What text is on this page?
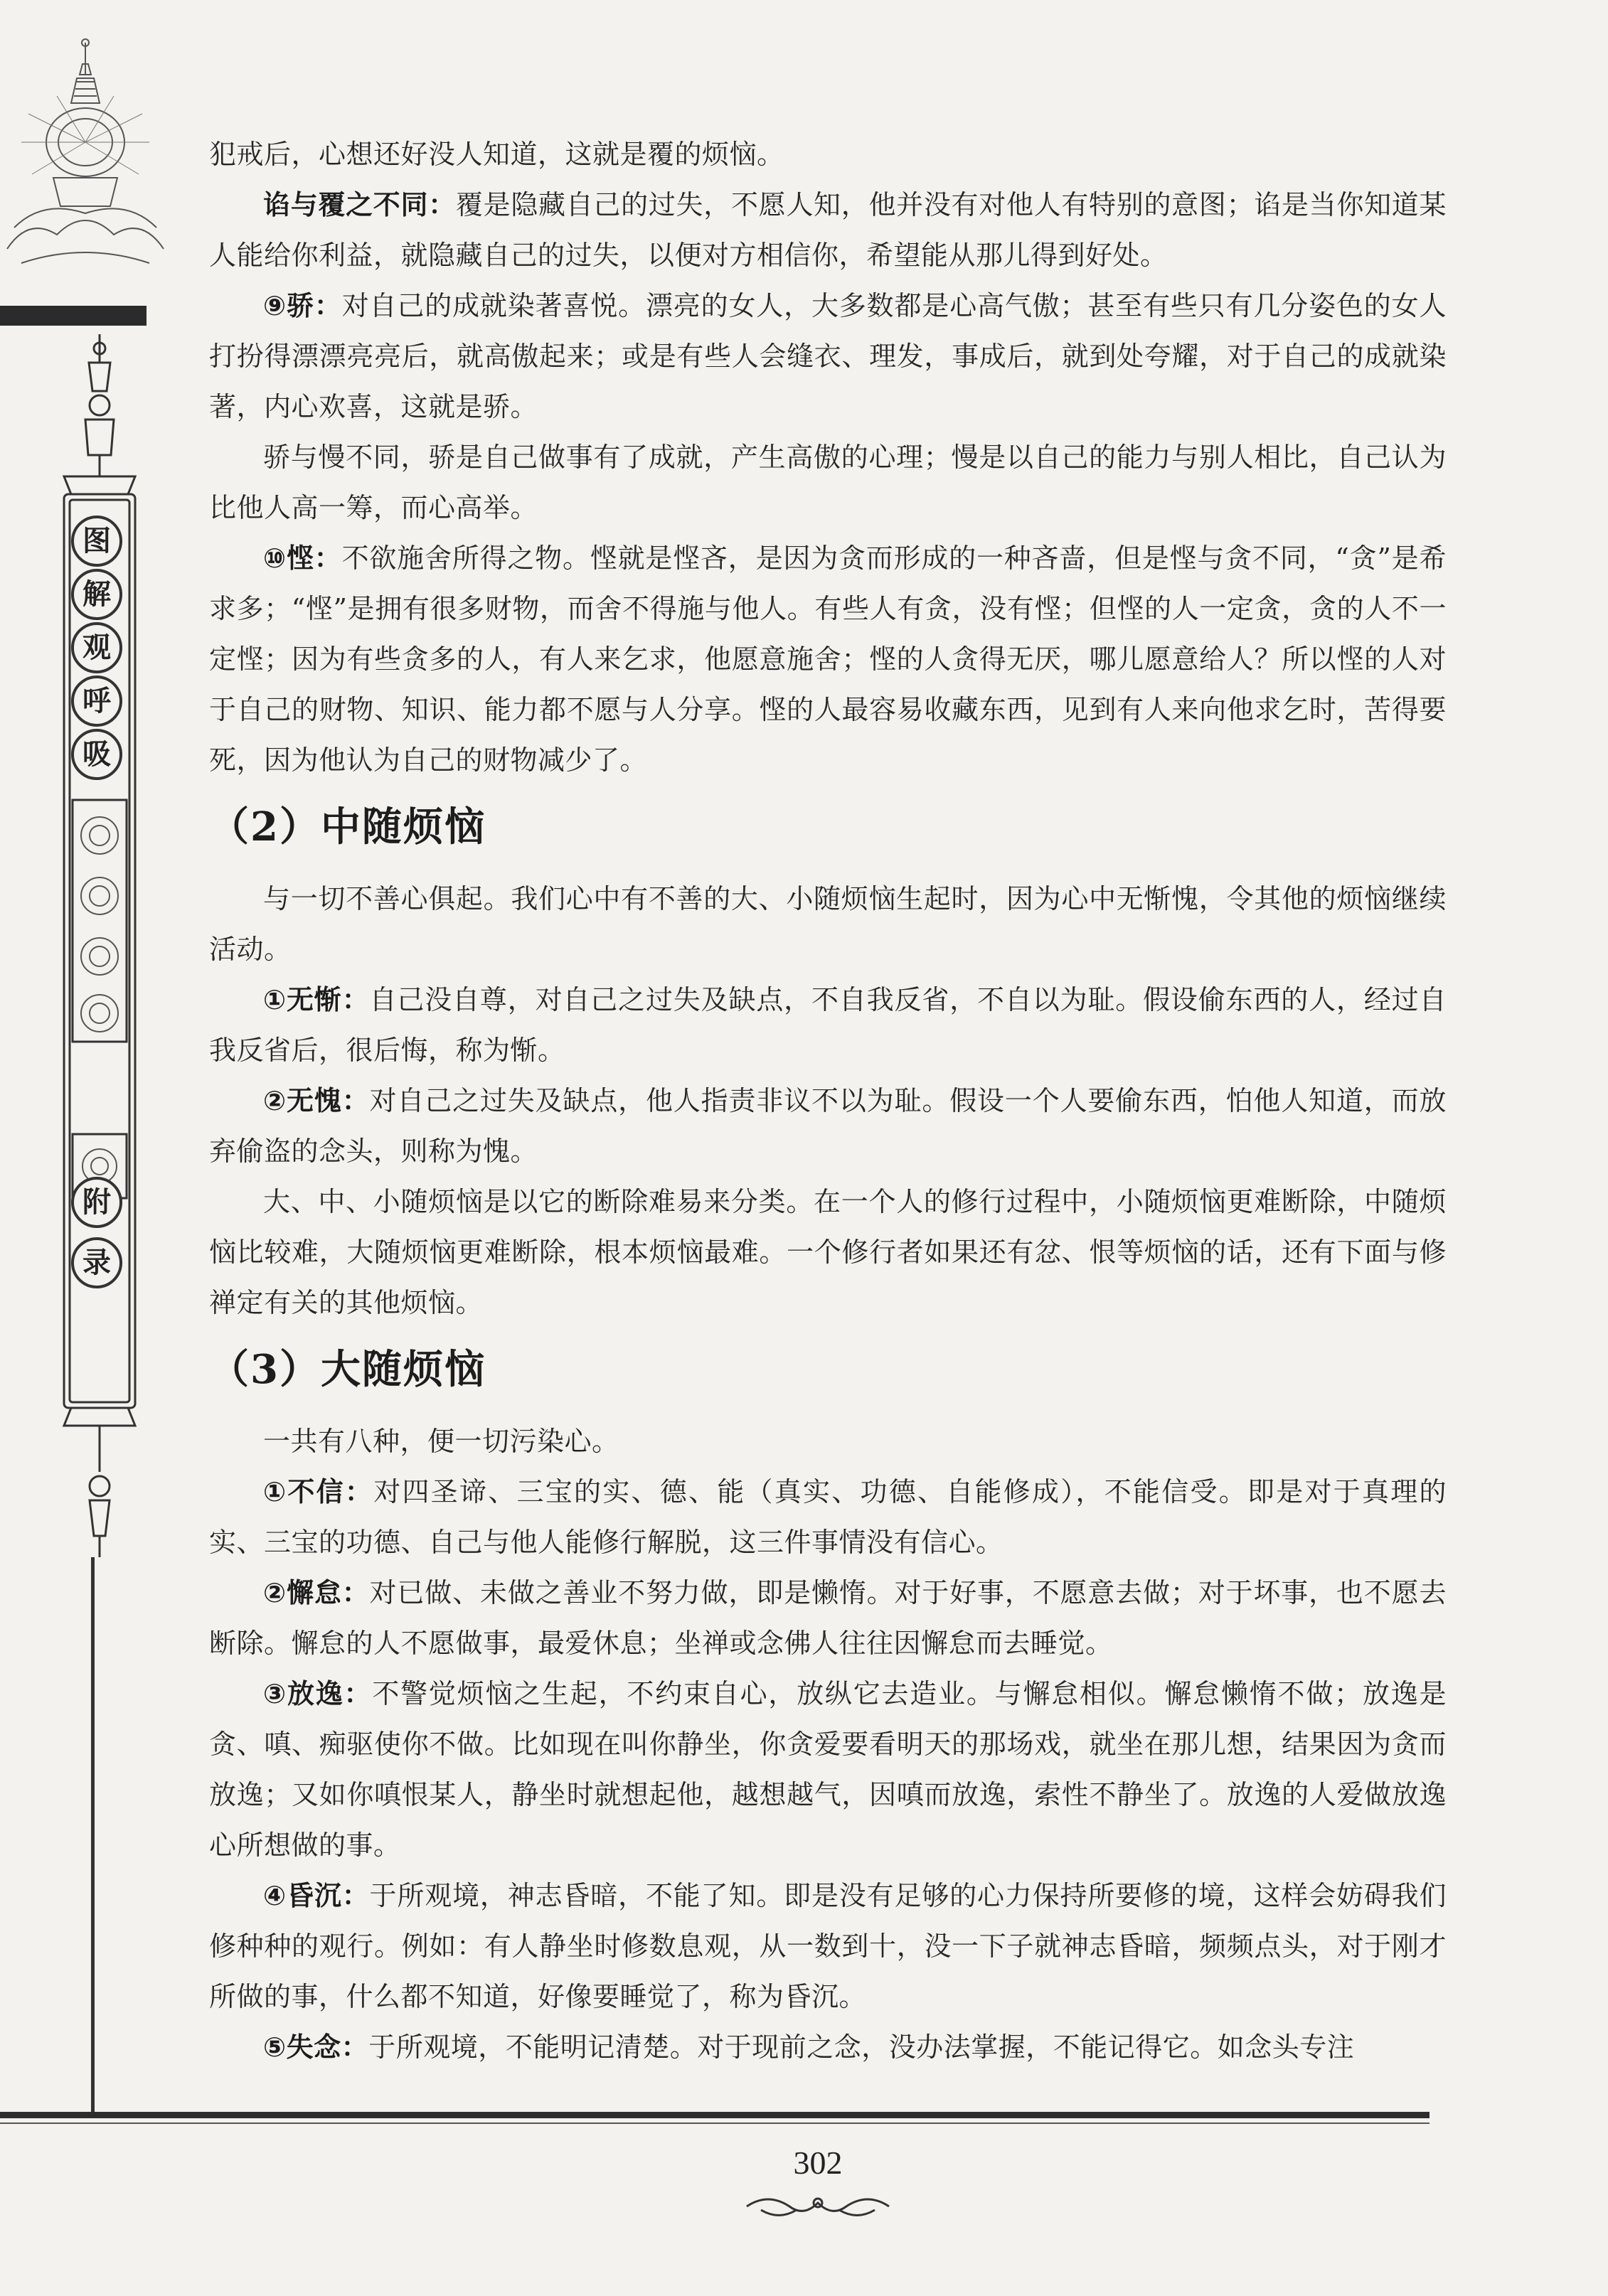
图
解
观
呼
吸
附
录

犯戒后，心想还好没人知道，这就是覆的烦恼。

谄与覆之不同：覆是隐藏自己的过失，不愿人知，他并没有对他人有特别的意图；谄是当你知道某人能给你利益，就隐藏自己的过失，以便对方相信你，希望能从那儿得到好处。

⑨骄：对自己的成就染著喜悦。漂亮的女人，大多数都是心高气傲；甚至有些只有几分姿色的女人打扮得漂漂亮亮后，就高傲起来；或是有些人会缝衣、理发，事成后，就到处夸耀，对于自己的成就染著，内心欢喜，这就是骄。

骄与慢不同，骄是自己做事有了成就，产生高傲的心理；慢是以自己的能力与别人相比，自己认为比他人高一筹，而心高举。

⑩悭：不欲施舍所得之物。悭就是悭吝，是因为贪而形成的一种吝啬，但是悭与贪不同，“贪”是希求多；“悭”是拥有很多财物，而舍不得施与他人。有些人有贪，没有悭；但悭的人一定贪，贪的人不一定悭；因为有些贪多的人，有人来乞求，他愿意施舍；悭的人贪得无厌，哪儿愿意给人？所以悭的人对于自己的财物、知识、能力都不愿与人分享。悭的人最容易收藏东西，见到有人来向他求乞时，苦得要死，因为他认为自己的财物减少了。

（2）中随烦恼

与一切不善心俱起。我们心中有不善的大、小随烦恼生起时，因为心中无惭愧，令其他的烦恼继续活动。

①无惭：自己没自尊，对自己之过失及缺点，不自我反省，不自以为耻。假设偷东西的人，经过自我反省后，很后悔，称为惭。

②无愧：对自己之过失及缺点，他人指责非议不以为耻。假设一个人要偷东西，怕他人知道，而放弃偷盗的念头，则称为愧。

大、中、小随烦恼是以它的断除难易来分类。在一个人的修行过程中，小随烦恼更难断除，中随烦恼比较难，大随烦恼更难断除，根本烦恼最难。一个修行者如果还有忿、恨等烦恼的话，还有下面与修禅定有关的其他烦恼。

（3）大随烦恼

一共有八种，便一切污染心。

①不信：对四圣谛、三宝的实、德、能（真实、功德、自能修成），不能信受。即是对于真理的实、三宝的功德、自己与他人能修行解脱，这三件事情没有信心。

②懈怠：对已做、未做之善业不努力做，即是懒惰。对于好事，不愿意去做；对于坏事，也不愿去断除。懈怠的人不愿做事，最爱休息；坐禅或念佛人往往因懈怠而去睡觉。

③放逸：不警觉烦恼之生起，不约束自心，放纵它去造业。与懈怠相似。懈怠懒惰不做；放逸是贪、嗔、痴驱使你不做。比如现在叫你静坐，你贪爱要看明天的那场戏，就坐在那儿想，结果因为贪而放逸；又如你嗔恨某人，静坐时就想起他，越想越气，因嗔而放逸，索性不静坐了。放逸的人爱做放逸心所想做的事。

④昏沉：于所观境，神志昏暗，不能了知。即是没有足够的心力保持所要修的境，这样会妨碍我们修种种的观行。例如：有人静坐时修数息观，从一数到十，没一下子就神志昏暗，频频点头，对于刚才所做的事，什么都不知道，好像要睡觉了，称为昏沉。

⑤失念：于所观境，不能明记清楚。对于现前之念，没办法掌握，不能记得它。如念头专注

302
